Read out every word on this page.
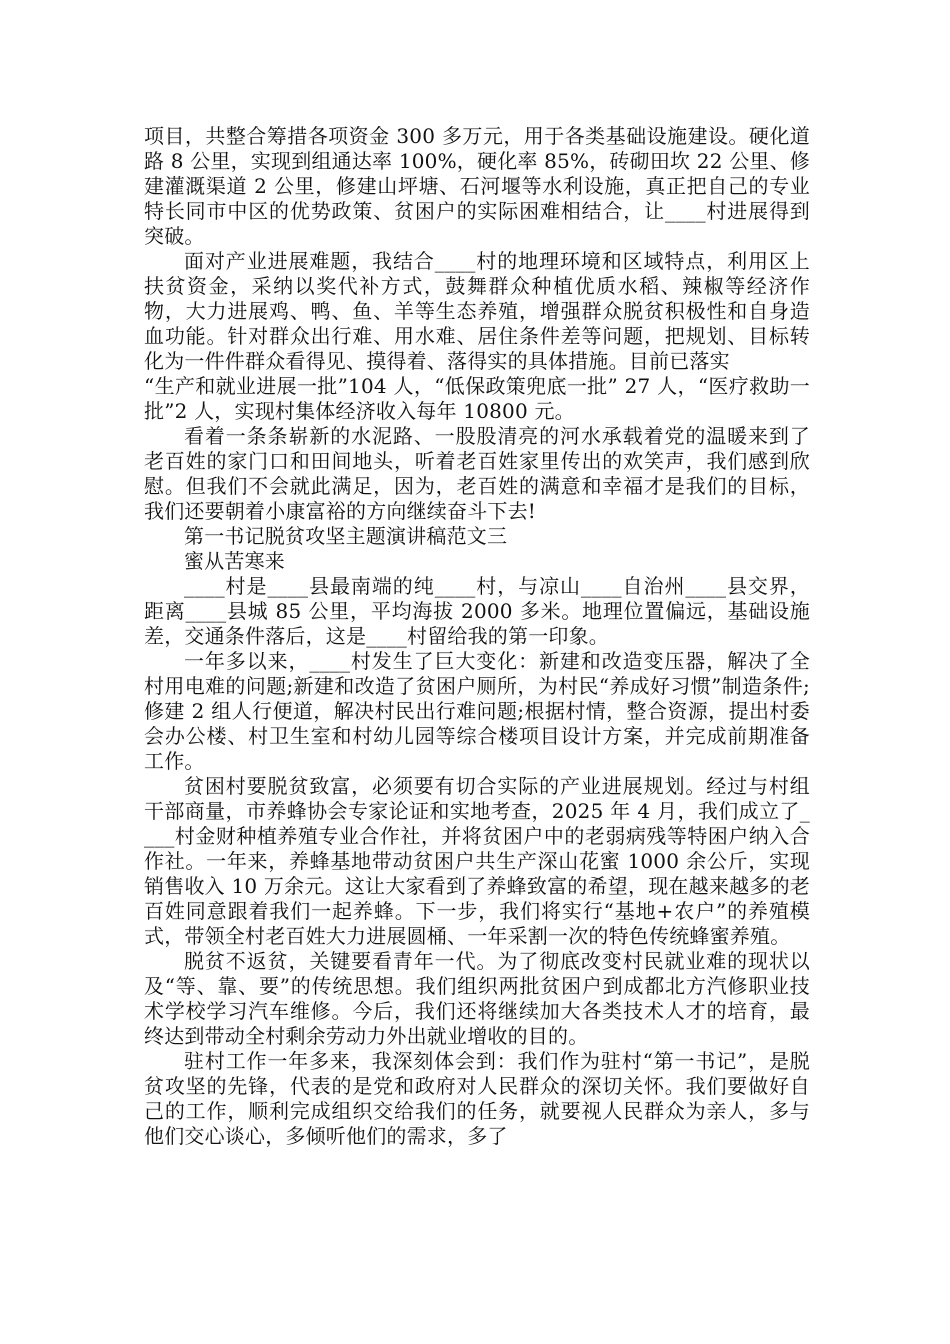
项目，共整合筹措各项资金 300 多万元，用于各类基础设施建设。硬化道路 8 公里，实现到组通达率 100%，硬化率 85%，砖砌田坎 22 公里、修建灌溉渠道 2 公里，修建山坪塘、石河堰等水利设施，真正把自己的专业特长同市中区的优势政策、贫困户的实际困难相结合，让____村进展得到突破。

面对产业进展难题，我结合____村的地理环境和区域特点，利用区上扶贫资金，采纳以奖代补方式，鼓舞群众种植优质水稻、辣椒等经济作物，大力进展鸡、鸭、鱼、羊等生态养殖，增强群众脱贫积极性和自身造血功能。针对群众出行难、用水难、居住条件差等问题，把规划、目标转化为一件件群众看得见、摸得着、落得实的具体措施。目前已落实

“生产和就业进展一批”104 人，“低保政策兜底一批” 27 人，“医疗救助一批”2 人，实现村集体经济收入每年 10800 元。

看着一条条崭新的水泥路、一股股清亮的河水承载着党的温暖来到了老百姓的家门口和田间地头，听着老百姓家里传出的欢笑声，我们感到欣慰。但我们不会就此满足，因为，老百姓的满意和幸福才是我们的目标，我们还要朝着小康富裕的方向继续奋斗下去!

第一书记脱贫攻坚主题演讲稿范文三

蜜从苦寒来

____村是____县最南端的纯____村，与凉山____自治州____县交界，距离____县城 85 公里，平均海拔 2000 多米。地理位置偏远，基础设施差，交通条件落后，这是____村留给我的第一印象。

一年多以来，____村发生了巨大变化：新建和改造变压器，解决了全村用电难的问题;新建和改造了贫困户厕所，为村民“养成好习惯”制造条件;修建 2 组人行便道，解决村民出行难问题;根据村情，整合资源，提出村委会办公楼、村卫生室和村幼儿园等综合楼项目设计方案，并完成前期准备工作。

贫困村要脱贫致富，必须要有切合实际的产业进展规划。经过与村组干部商量，市养蜂协会专家论证和实地考查，2025 年 4 月，我们成立了____村金财种植养殖专业合作社，并将贫困户中的老弱病残等特困户纳入合作社。一年来，养蜂基地带动贫困户共生产深山花蜜 1000 余公斤，实现销售收入 10 万余元。这让大家看到了养蜂致富的希望，现在越来越多的老百姓同意跟着我们一起养蜂。下一步，我们将实行“基地+农户”的养殖模式，带领全村老百姓大力进展圆桶、一年采割一次的特色传统蜂蜜养殖。

脱贫不返贫，关键要看青年一代。为了彻底改变村民就业难的现状以及“等、靠、要”的传统思想。我们组织两批贫困户到成都北方汽修职业技术学校学习汽车维修。今后，我们还将继续加大各类技术人才的培育，最终达到带动全村剩余劳动力外出就业增收的目的。

驻村工作一年多来，我深刻体会到：我们作为驻村“第一书记”，是脱贫攻坚的先锋，代表的是党和政府对人民群众的深切关怀。我们要做好自己的工作，顺利完成组织交给我们的任务，就要视人民群众为亲人，多与他们交心谈心，多倾听他们的需求，多了
